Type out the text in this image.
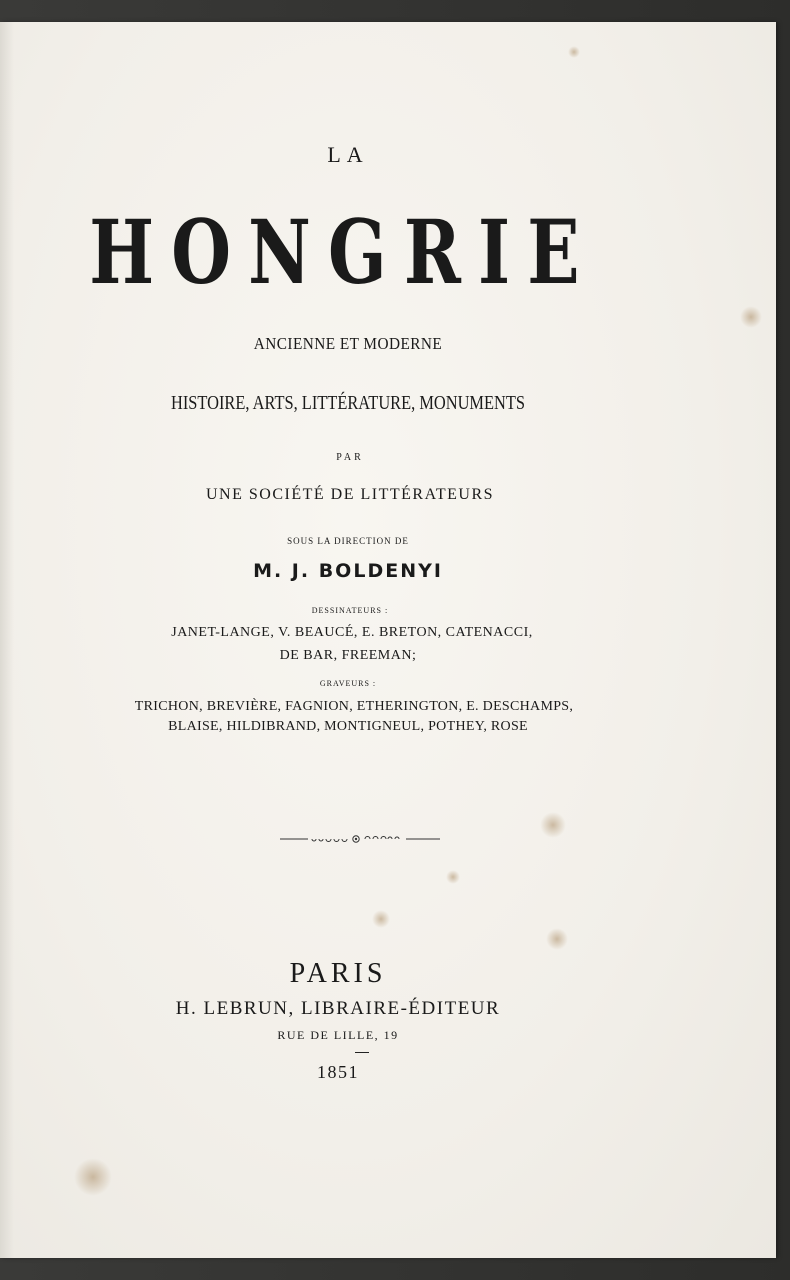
LA
HONGRIE
ANCIENNE ET MODERNE
HISTOIRE, ARTS, LITTÉRATURE, MONUMENTS
PAR
UNE SOCIÉTÉ DE LITTÉRATEURS
SOUS LA DIRECTION DE
M. J. BOLDENYI
DESSINATEURS :
JANET-LANGE, V. BEAUCÉ, E. BRETON, CATENACCI,
DE BAR, FREEMAN;
GRAVEURS :
TRICHON, BREVIÈRE, FAGNION, ETHERINGTON, E. DESCHAMPS,
BLAISE, HILDIBRAND, MONTIGNEUL, POTHEY, ROSE
PARIS
H. LEBRUN, LIBRAIRE-ÉDITEUR
RUE DE LILLE, 19
1851
